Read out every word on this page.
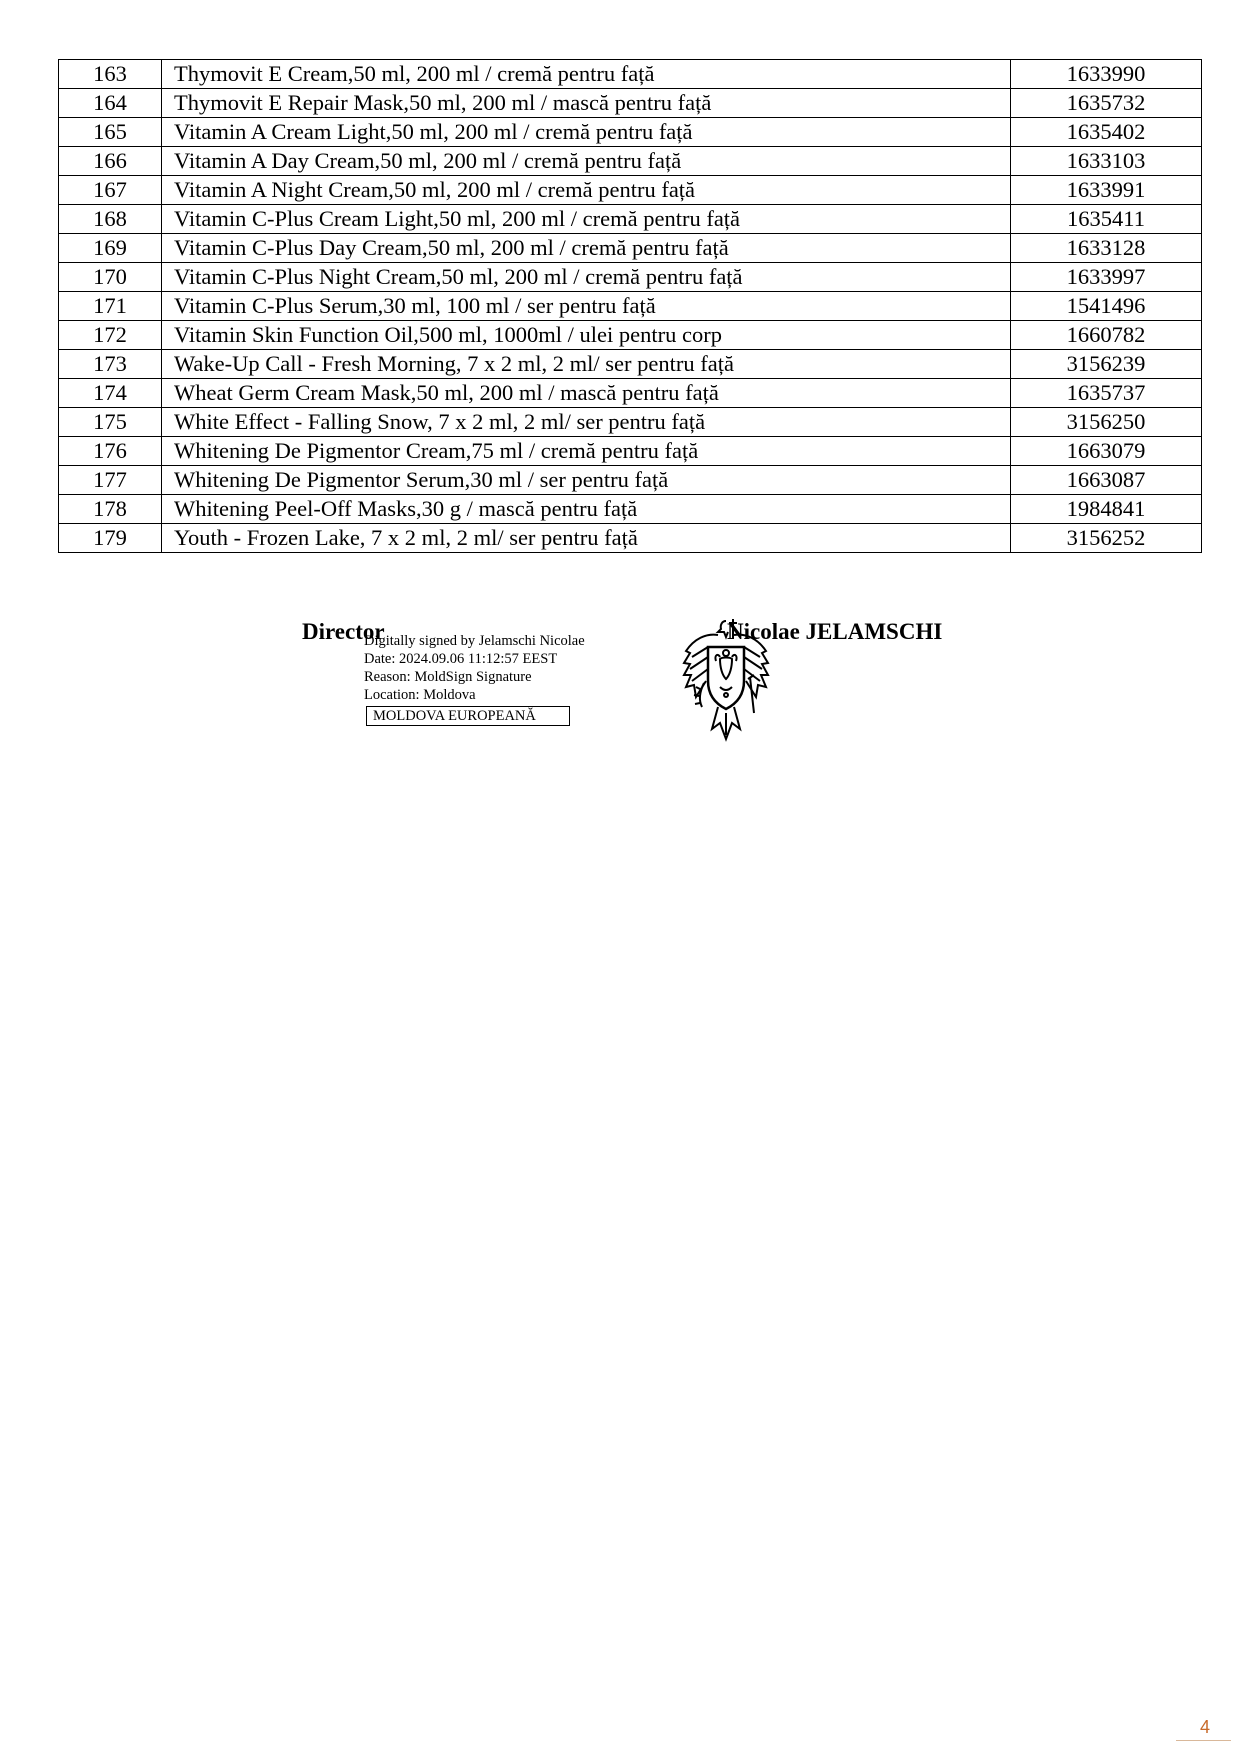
163	Thymovit E Cream,50 ml, 200 ml / cremă pentru față	1633990
164	Thymovit E Repair Mask,50 ml, 200 ml / mască pentru față	1635732
165	Vitamin A Cream Light,50 ml, 200 ml / cremă pentru față	1635402
166	Vitamin A Day Cream,50 ml, 200 ml / cremă pentru față	1633103
167	Vitamin A Night Cream,50 ml, 200 ml / cremă pentru față	1633991
168	Vitamin C-Plus Cream Light,50 ml, 200 ml / cremă pentru față	1635411
169	Vitamin C-Plus Day Cream,50 ml, 200 ml / cremă pentru față	1633128
170	Vitamin C-Plus Night Cream,50 ml, 200 ml / cremă pentru față	1633997
171	Vitamin C-Plus Serum,30 ml, 100 ml / ser pentru față	1541496
172	Vitamin Skin Function Oil,500 ml, 1000ml / ulei pentru corp	1660782
173	Wake-Up Call - Fresh Morning, 7 x 2 ml, 2 ml/ ser pentru față	3156239
174	Wheat Germ Cream Mask,50 ml, 200 ml / mască pentru față	1635737
175	White Effect - Falling Snow, 7 x 2 ml, 2 ml/ ser pentru față	3156250
176	Whitening De Pigmentor Cream,75 ml / cremă pentru față	1663079
177	Whitening De Pigmentor Serum,30 ml / ser pentru față	1663087
178	Whitening Peel-Off Masks,30 g / mască pentru față	1984841
179	Youth - Frozen Lake, 7 x 2 ml, 2 ml/ ser pentru față	3156252
Director
Digitally signed by Jelamschi Nicolae
Date: 2024.09.06 11:12:57 EEST
Reason: MoldSign Signature
Location: Moldova
MOLDOVA EUROPEANĂ
Nicolae JELAMSCHI
4
